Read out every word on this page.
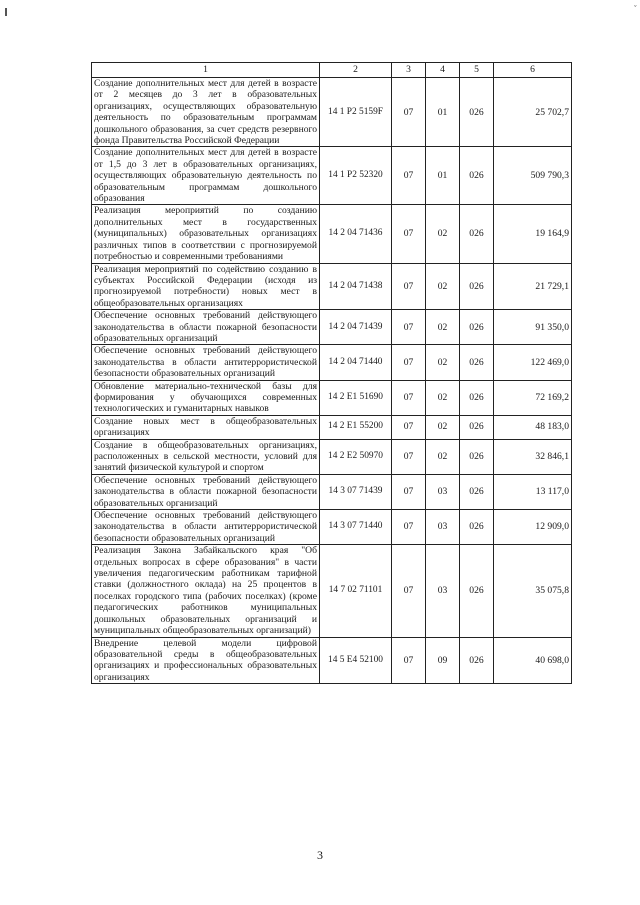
ˇ
1	2	3	4	5	6
Создание дополнительных мест для детей в возрасте от 2 месяцев до 3 лет в образовательных организациях, осуществляющих образовательную деятельность по образовательным программам дошкольного образования, за счет средств резервного фонда Правительства Российской Федерации	14 1 P2 5159F	07	01	026	25 702,7
Создание дополнительных мест для детей в возрасте от 1,5 до 3 лет в образовательных организациях, осуществляющих образовательную деятельность по образовательным программам дошкольного образования	14 1 P2 52320	07	01	026	509 790,3
Реализация мероприятий по созданию дополнительных мест в государственных (муниципальных) образовательных организациях различных типов в соответствии с прогнозируемой потребностью и современными требованиями	14 2 04 71436	07	02	026	19 164,9
Реализация мероприятий по содействию созданию в субъектах Российской Федерации (исходя из прогнозируемой потребности) новых мест в общеобразовательных организациях	14 2 04 71438	07	02	026	21 729,1
Обеспечение основных требований действующего законодательства в области пожарной безопасности образовательных организаций	14 2 04 71439	07	02	026	91 350,0
Обеспечение основных требований действующего законодательства в области антитеррористической безопасности образовательных организаций	14 2 04 71440	07	02	026	122 469,0
Обновление материально-технической базы для формирования у обучающихся современных технологических и гуманитарных навыков	14 2 E1 51690	07	02	026	72 169,2
Создание новых мест в общеобразовательных организациях	14 2 E1 55200	07	02	026	48 183,0
Создание в общеобразовательных организациях, расположенных в сельской местности, условий для занятий физической культурой и спортом	14 2 E2 50970	07	02	026	32 846,1
Обеспечение основных требований действующего законодательства в области пожарной безопасности образовательных организаций	14 3 07 71439	07	03	026	13 117,0
Обеспечение основных требований действующего законодательства в области антитеррористической безопасности образовательных организаций	14 3 07 71440	07	03	026	12 909,0
Реализация Закона Забайкальского края "Об отдельных вопросах в сфере образования" в части увеличения педагогическим работникам тарифной ставки (должностного оклада) на 25 процентов в поселках городского типа (рабочих поселках) (кроме педагогических работников муниципальных дошкольных образовательных организаций и муниципальных общеобразовательных организаций)	14 7 02 71101	07	03	026	35 075,8
Внедрение целевой модели цифровой образовательной среды в общеобразовательных организациях и профессиональных образовательных организациях	14 5 E4 52100	07	09	026	40 698,0
3
